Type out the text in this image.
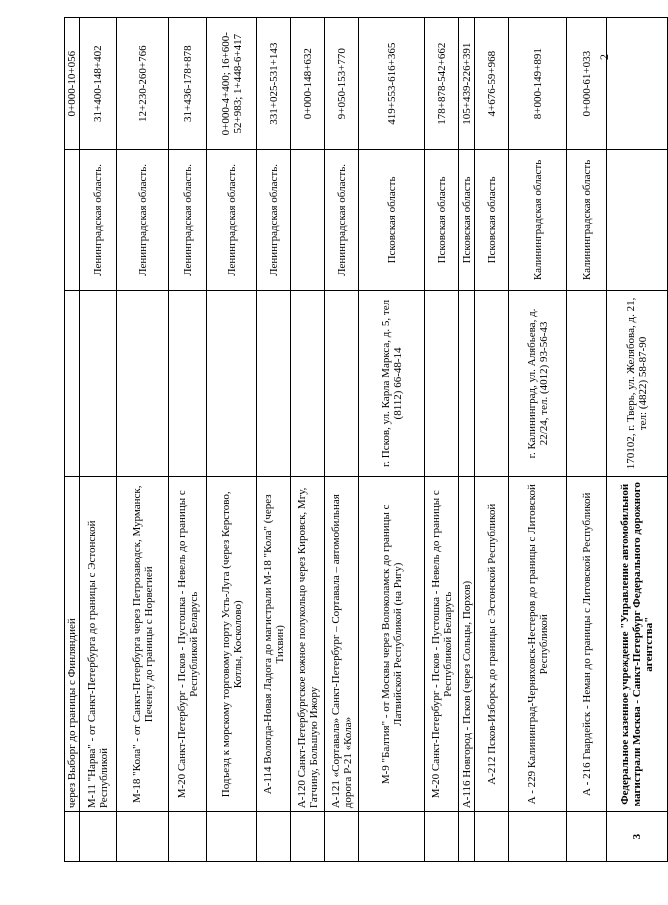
2
	через Выборг до границы с Финляндией			0+000-10+056
	М-11 "Нарва" - от Санкт-Петербурга до границы с Эстонской Республикой		Ленинградская область.	31+400-148+402
	М-18 "Кола" - от Санкт-Петербурга через Петрозаводск, Мурманск, Печенгу до границы с Норвегией		Ленинградская область.	12+230-260+766
	М-20 Санкт-Петербург - Псков - Пустошка - Невель до границы с Республикой Беларусь		Ленинградская область.	31+436-178+878
	Подъезд к морскому торговому порту Усть-Луга (через Керстово, Котлы, Косколово)		Ленинградская область.	0+000-4+400; 16+600-52+983; 1+448-6+417
	А-114 Вологда-Новая Ладога до магистрали М-18 "Кола" (через Тихвин)		Ленинградская область.	331+025-531+143
	А-120 Санкт-Петербургское южное полукольцо через Кировск, Мгу, Гатчину, Большую Ижору			0+000-148+632
	А-121 «Сортавала» Санкт-Петербург – Сортавала – автомобильная дорога Р-21 «Кола»		Ленинградская область.	9+050-153+770
	М-9 "Балтия" - от Москвы через Волоколамск до границы с Латвийской Республикой (на Ригу)	г. Псков, ул. Карла Маркса, д. 5, тел (8112) 66-48-14	Псковская область	419+553-616+365
	М-20 Санкт-Петербург - Псков - Пустошка - Невель до границы с Республикой Беларусь		Псковская область	178+878-542+662
	А-116 Новгород - Псков (через Сольцы, Порхов)		Псковская область	105+439-226+391
	А-212 Псков-Изборск до границы с Эстонской Республикой		Псковская область	4+676-59+968
	А - 229 Калининград-Черняховск-Нестеров до границы с Литовской Республикой	г. Калининград, ул. Алябьева, д. 22/24, тел. (4012) 93-56-43	Калининградская область	8+000-149+891
	А - 216 Гвардейск - Неман до границы с Литовской Республикой		Калининградская область	0+000-61+033
3	Федеральное казенное учреждение "Управление автомобильной магистрали Москва - Санкт-Петербург Федерального дорожного агентства"	170102, г. Тверь, ул. Желябова, д. 21, тел: (4822) 58-87-90		
